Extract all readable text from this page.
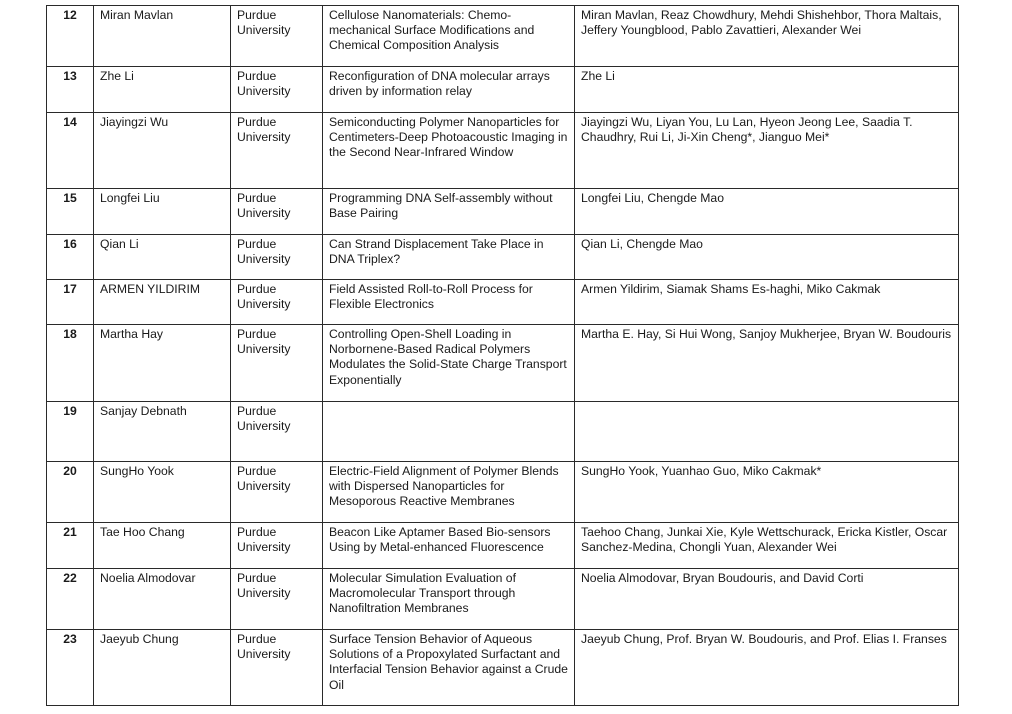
12	Miran Mavlan	Purdue University	Cellulose Nanomaterials: Chemo-mechanical Surface Modifications and Chemical Composition Analysis	Miran Mavlan, Reaz Chowdhury, Mehdi Shishehbor, Thora Maltais, Jeffery Youngblood, Pablo Zavattieri, Alexander Wei
13	Zhe Li	Purdue University	Reconfiguration of DNA molecular arrays driven by information relay	Zhe Li
14	Jiayingzi Wu	Purdue University	Semiconducting Polymer Nanoparticles for Centimeters-Deep Photoacoustic Imaging in the Second Near-Infrared Window	Jiayingzi Wu, Liyan You, Lu Lan, Hyeon Jeong Lee, Saadia T. Chaudhry, Rui Li, Ji-Xin Cheng*, Jianguo Mei*
15	Longfei Liu	Purdue University	Programming DNA Self-assembly without Base Pairing	Longfei Liu, Chengde Mao
16	Qian Li	Purdue University	Can Strand Displacement Take Place in DNA Triplex?	Qian Li, Chengde Mao
17	ARMEN YILDIRIM	Purdue University	Field Assisted Roll-to-Roll Process for Flexible Electronics	Armen Yildirim, Siamak Shams Es-haghi, Miko Cakmak
18	Martha Hay	Purdue University	Controlling Open-Shell Loading in Norbornene-Based Radical Polymers Modulates the Solid-State Charge Transport Exponentially	Martha E. Hay, Si Hui Wong, Sanjoy Mukherjee, Bryan W. Boudouris
19	Sanjay Debnath	Purdue University		
20	SungHo Yook	Purdue University	Electric-Field Alignment of Polymer Blends with Dispersed Nanoparticles for Mesoporous Reactive Membranes	SungHo Yook, Yuanhao Guo, Miko Cakmak*
21	Tae Hoo Chang	Purdue University	Beacon Like Aptamer Based Bio-sensors Using by Metal-enhanced Fluorescence	Taehoo Chang, Junkai Xie, Kyle Wettschurack, Ericka Kistler, Oscar Sanchez-Medina, Chongli Yuan, Alexander Wei
22	Noelia Almodovar	Purdue University	Molecular Simulation Evaluation of Macromolecular Transport through Nanofiltration Membranes	Noelia Almodovar, Bryan Boudouris, and David Corti
23	Jaeyub Chung	Purdue University	Surface Tension Behavior of Aqueous Solutions of a Propoxylated Surfactant and Interfacial Tension Behavior against a Crude Oil	Jaeyub Chung, Prof. Bryan W. Boudouris, and Prof. Elias I. Franses
